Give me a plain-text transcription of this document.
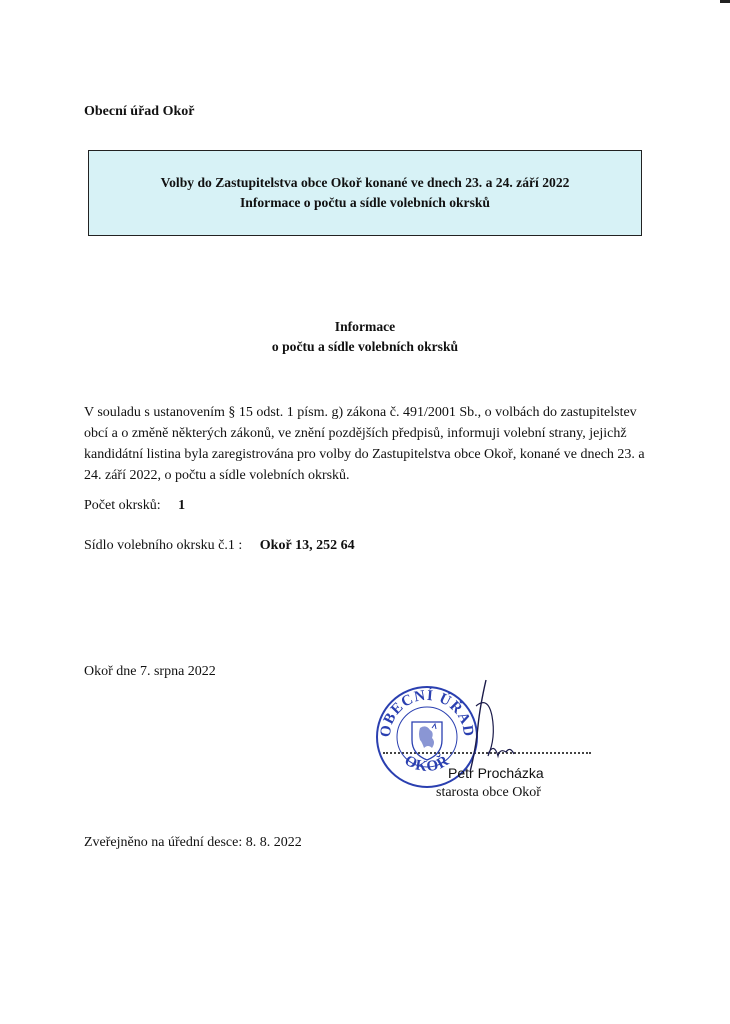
Obecní úřad Okoř
Volby do Zastupitelstva obce Okoř konané ve dnech 23. a 24. září 2022
Informace o počtu a sídle volebních okrsků
Informace
o počtu a sídle volebních okrsků
V souladu s ustanovením § 15 odst. 1 písm. g) zákona č. 491/2001 Sb., o volbách do zastupitelstev obcí a o změně některých zákonů, ve znění pozdějších předpisů, informuji volební strany, jejichž kandidátní listina byla zaregistrována pro volby do Zastupitelstva obce Okoř, konané ve dnech 23. a 24. září 2022, o počtu a sídle volebních okrsků.
Počet okrsků: 1
Sídlo volebního okrsku č.1 : Okoř 13, 252 64
Okoř dne 7. srpna 2022
OBECNÍ ÚŘAD
OKOŘ
Petr Procházka
starosta obce Okoř
Zveřejněno na úřední desce: 8. 8. 2022
